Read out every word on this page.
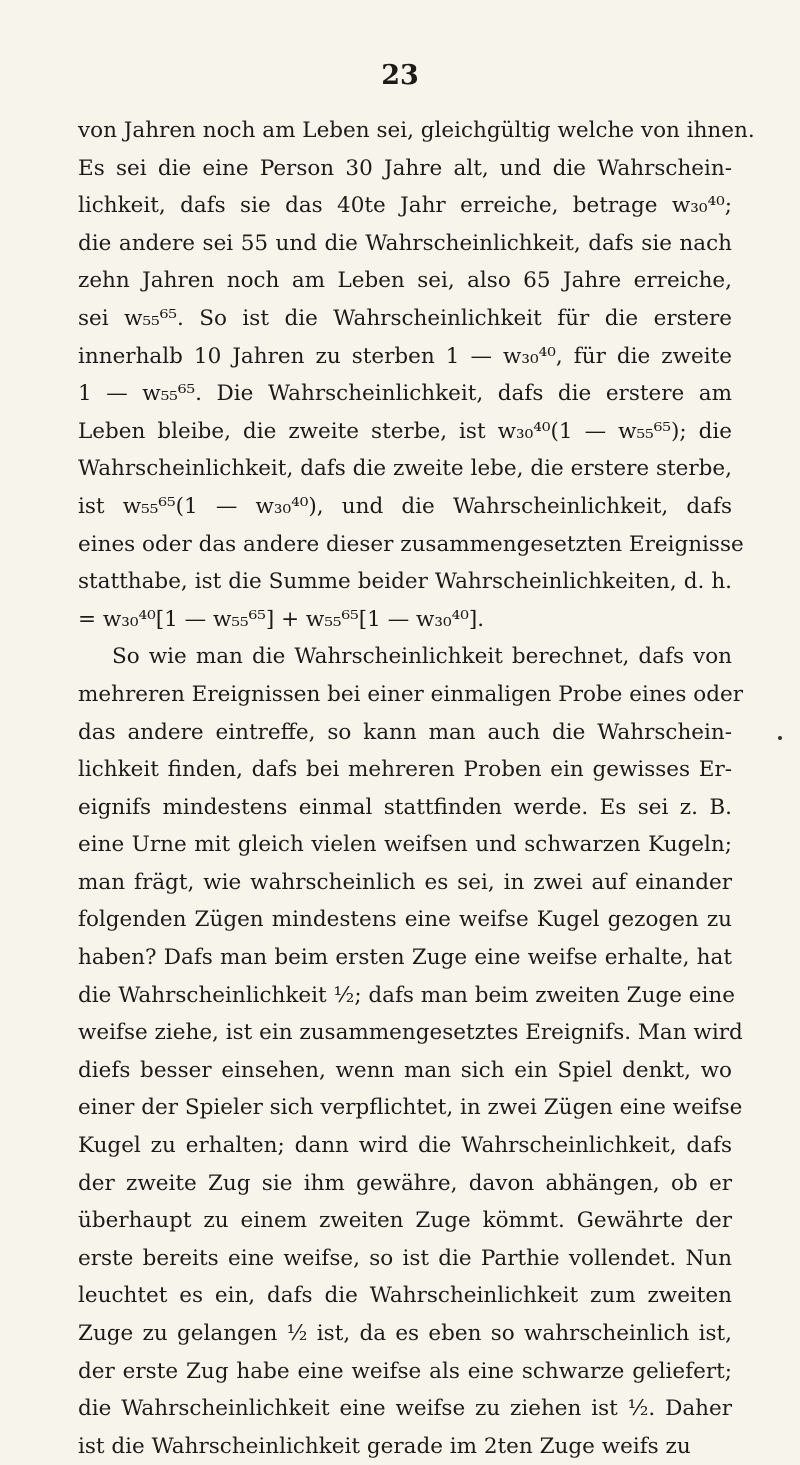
23
von Jahren noch am Leben sei, gleichgültig welche von ihnen.
Es sei die eine Person 30 Jahre alt, und die Wahrschein-
lichkeit, dafs sie das 40te Jahr erreiche, betrage w₃₀⁴⁰;
die andere sei 55 und die Wahrscheinlichkeit, dafs sie nach
zehn Jahren noch am Leben sei, also 65 Jahre erreiche,
sei w₅₅⁶⁵. So ist die Wahrscheinlichkeit für die erstere
innerhalb 10 Jahren zu sterben 1 — w₃₀⁴⁰, für die zweite
1 — w₅₅⁶⁵. Die Wahrscheinlichkeit, dafs die erstere am
Leben bleibe, die zweite sterbe, ist w₃₀⁴⁰(1 — w₅₅⁶⁵); die
Wahrscheinlichkeit, dafs die zweite lebe, die erstere sterbe,
ist w₅₅⁶⁵(1 — w₃₀⁴⁰), und die Wahrscheinlichkeit, dafs
eines oder das andere dieser zusammengesetzten Ereignisse
statthabe, ist die Summe beider Wahrscheinlichkeiten, d. h.
= w₃₀⁴⁰[1 — w₅₅⁶⁵] + w₅₅⁶⁵[1 — w₃₀⁴⁰].
So wie man die Wahrscheinlichkeit berechnet, dafs von
mehreren Ereignissen bei einer einmaligen Probe eines oder
das andere eintreffe, so kann man auch die Wahrschein-
lichkeit finden, dafs bei mehreren Proben ein gewisses Er-
eignifs mindestens einmal stattfinden werde. Es sei z. B.
eine Urne mit gleich vielen weifsen und schwarzen Kugeln;
man frägt, wie wahrscheinlich es sei, in zwei auf einander
folgenden Zügen mindestens eine weifse Kugel gezogen zu
haben? Dafs man beim ersten Zuge eine weifse erhalte, hat
die Wahrscheinlichkeit ½; dafs man beim zweiten Zuge eine
weifse ziehe, ist ein zusammengesetztes Ereignifs. Man wird
diefs besser einsehen, wenn man sich ein Spiel denkt, wo
einer der Spieler sich verpflichtet, in zwei Zügen eine weifse
Kugel zu erhalten; dann wird die Wahrscheinlichkeit, dafs
der zweite Zug sie ihm gewähre, davon abhängen, ob er
überhaupt zu einem zweiten Zuge kömmt. Gewährte der
erste bereits eine weifse, so ist die Parthie vollendet. Nun
leuchtet es ein, dafs die Wahrscheinlichkeit zum zweiten
Zuge zu gelangen ½ ist, da es eben so wahrscheinlich ist,
der erste Zug habe eine weifse als eine schwarze geliefert;
die Wahrscheinlichkeit eine weifse zu ziehen ist ½. Daher
ist die Wahrscheinlichkeit gerade im 2ten Zuge weifs zu
